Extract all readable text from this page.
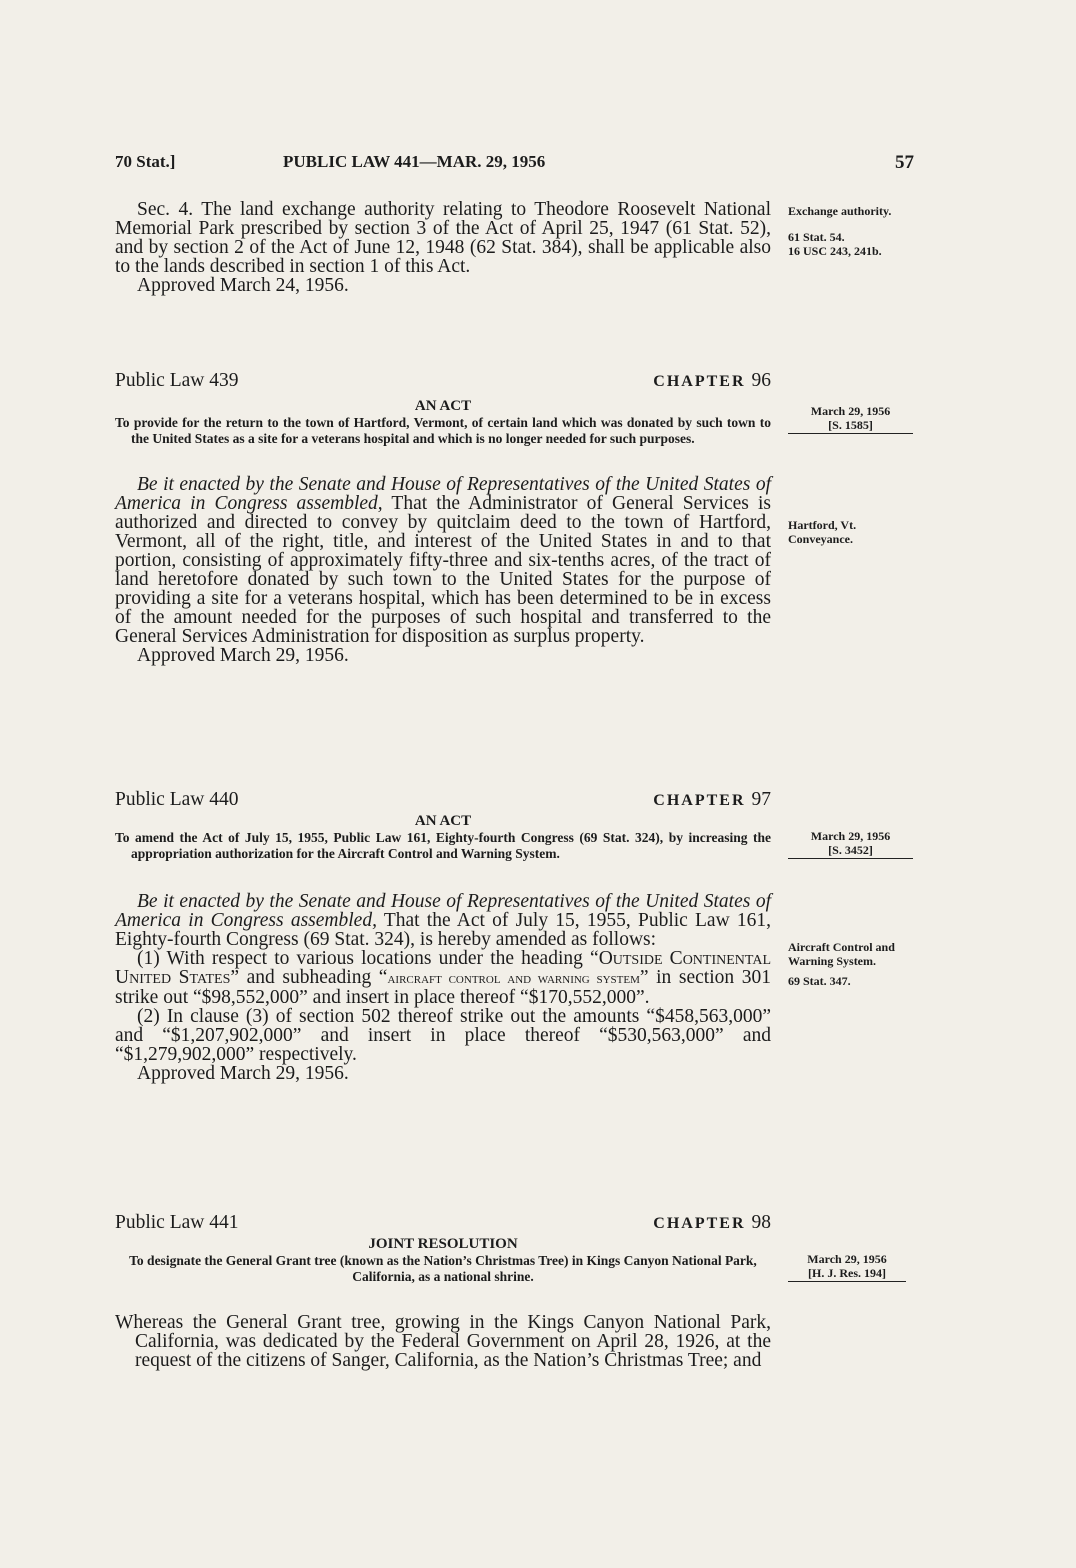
70 Stat.]	PUBLIC LAW 441—MAR. 29, 1956	57

Sec. 4. The land exchange authority relating to Theodore Roosevelt National Memorial Park prescribed by section 3 of the Act of April 25, 1947 (61 Stat. 52), and by section 2 of the Act of June 12, 1948 (62 Stat. 384), shall be applicable also to the lands described in section 1 of this Act.

Approved March 24, 1956.

Exchange authority.
61 Stat. 54.
16 USC 243, 241b.
Public Law 439	CHAPTER 96
AN ACT
To provide for the return to the town of Hartford, Vermont, of certain land which was donated by such town to the United States as a site for a veterans hospital and which is no longer needed for such purposes.

Be it enacted by the Senate and House of Representatives of the United States of America in Congress assembled, That the Administrator of General Services is authorized and directed to convey by quitclaim deed to the town of Hartford, Vermont, all of the right, title, and interest of the United States in and to that portion, consisting of approximately fifty-three and six-tenths acres, of the tract of land heretofore donated by such town to the United States for the purpose of providing a site for a veterans hospital, which has been determined to be in excess of the amount needed for the purposes of such hospital and transferred to the General Services Administration for disposition as surplus property.

Approved March 29, 1956.

March 29, 1956
[S. 1585]
Hartford, Vt.
Conveyance.
Public Law 440	CHAPTER 97
AN ACT
To amend the Act of July 15, 1955, Public Law 161, Eighty-fourth Congress (69 Stat. 324), by increasing the appropriation authorization for the Aircraft Control and Warning System.

Be it enacted by the Senate and House of Representatives of the United States of America in Congress assembled, That the Act of July 15, 1955, Public Law 161, Eighty-fourth Congress (69 Stat. 324), is hereby amended as follows:

(1) With respect to various locations under the heading “Outside Continental United States” and subheading “aircraft control and warning system” in section 301 strike out “$98,552,000” and insert in place thereof “$170,552,000”.

(2) In clause (3) of section 502 thereof strike out the amounts “$458,563,000” and “$1,207,902,000” and insert in place thereof “$530,563,000” and “$1,279,902,000” respectively.

Approved March 29, 1956.

March 29, 1956
[S. 3452]
Aircraft Control and Warning System.
69 Stat. 347.
Public Law 441	CHAPTER 98
JOINT RESOLUTION
To designate the General Grant tree (known as the Nation’s Christmas Tree) in Kings Canyon National Park, California, as a national shrine.
Whereas the General Grant tree, growing in the Kings Canyon National Park, California, was dedicated by the Federal Government on April 28, 1926, at the request of the citizens of Sanger, California, as the Nation’s Christmas Tree; and
March 29, 1956
[H. J. Res. 194]
